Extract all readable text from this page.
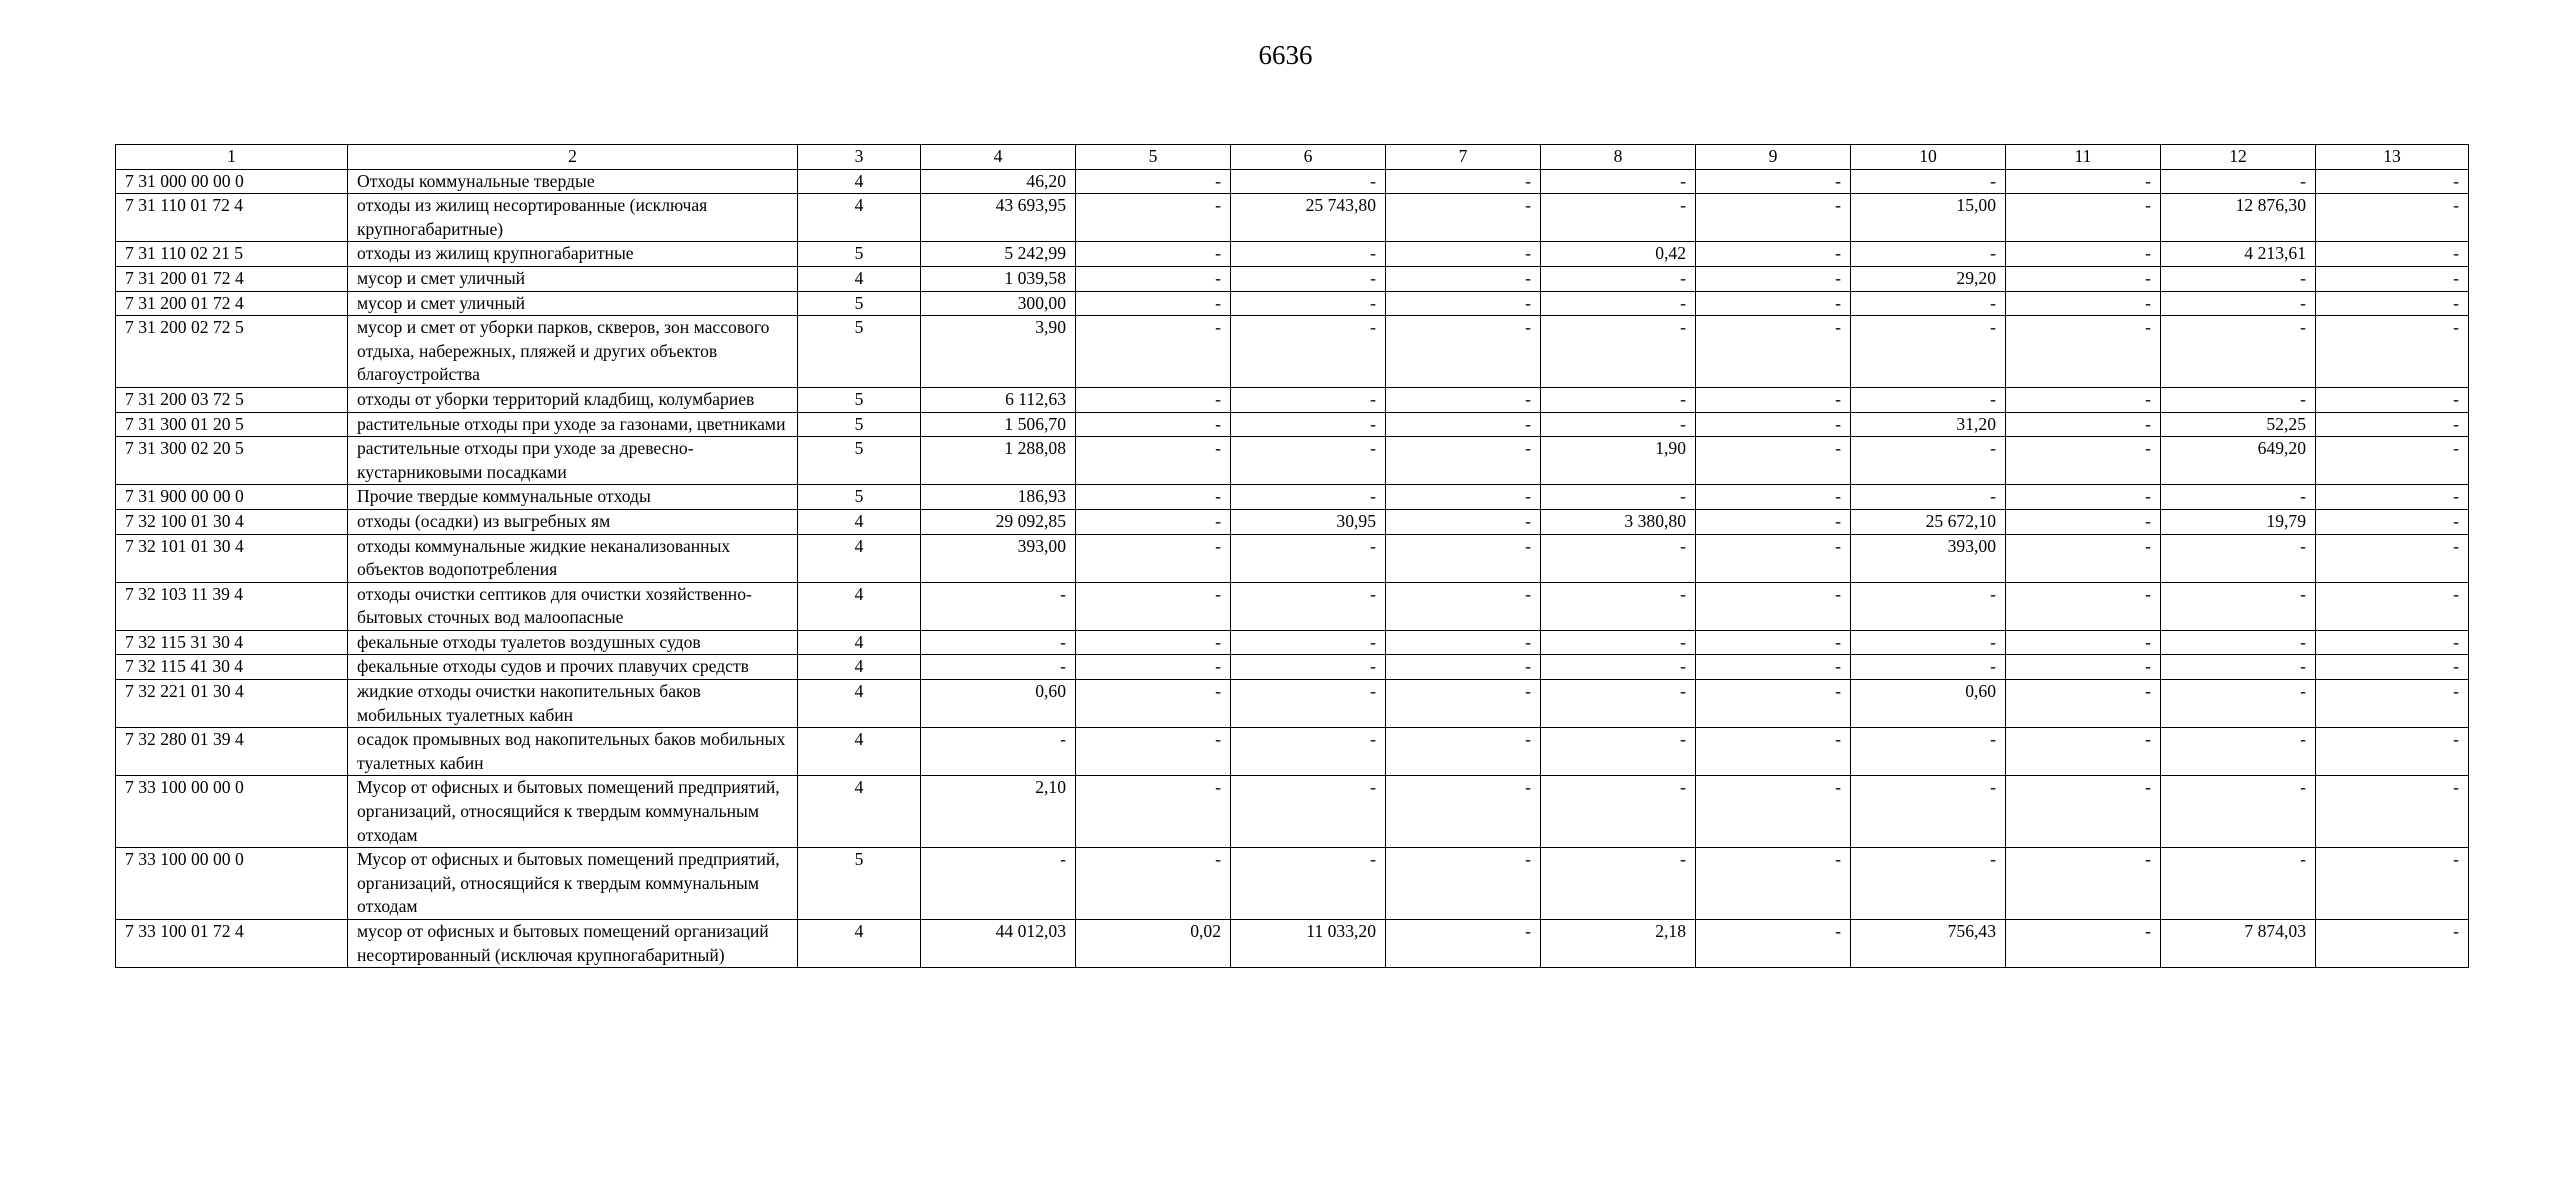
6636
1	2	3	4	5	6	7	8	9	10	11	12	13
7 31 000 00 00 0	Отходы коммунальные твердые	4	46,20	-	-	-	-	-	-	-	-	-
7 31 110 01 72 4	отходы из жилищ несортированные (исключая крупногабаритные)	4	43 693,95	-	25 743,80	-	-	-	15,00	-	12 876,30	-
7 31 110 02 21 5	отходы из жилищ крупногабаритные	5	5 242,99	-	-	-	0,42	-	-	-	4 213,61	-
7 31 200 01 72 4	мусор и смет уличный	4	1 039,58	-	-	-	-	-	29,20	-	-	-
7 31 200 01 72 4	мусор и смет уличный	5	300,00	-	-	-	-	-	-	-	-	-
7 31 200 02 72 5	мусор и смет от уборки парков, скверов, зон массового отдыха, набережных, пляжей и других объектов благоустройства	5	3,90	-	-	-	-	-	-	-	-	-
7 31 200 03 72 5	отходы от уборки территорий кладбищ, колумбариев	5	6 112,63	-	-	-	-	-	-	-	-	-
7 31 300 01 20 5	растительные отходы при уходе за газонами, цветниками	5	1 506,70	-	-	-	-	-	31,20	-	52,25	-
7 31 300 02 20 5	растительные отходы при уходе за древесно-кустарниковыми посадками	5	1 288,08	-	-	-	1,90	-	-	-	649,20	-
7 31 900 00 00 0	Прочие твердые коммунальные отходы	5	186,93	-	-	-	-	-	-	-	-	-
7 32 100 01 30 4	отходы (осадки) из выгребных ям	4	29 092,85	-	30,95	-	3 380,80	-	25 672,10	-	19,79	-
7 32 101 01 30 4	отходы коммунальные жидкие неканализованных объектов водопотребления	4	393,00	-	-	-	-	-	393,00	-	-	-
7 32 103 11 39 4	отходы очистки септиков для очистки хозяйственно-бытовых сточных вод малоопасные	4	-	-	-	-	-	-	-	-	-	-
7 32 115 31 30 4	фекальные отходы туалетов воздушных судов	4	-	-	-	-	-	-	-	-	-	-
7 32 115 41 30 4	фекальные отходы судов и прочих плавучих средств	4	-	-	-	-	-	-	-	-	-	-
7 32 221 01 30 4	жидкие отходы очистки накопительных баков мобильных туалетных кабин	4	0,60	-	-	-	-	-	0,60	-	-	-
7 32 280 01 39 4	осадок промывных вод накопительных баков мобильных туалетных кабин	4	-	-	-	-	-	-	-	-	-	-
7 33 100 00 00 0	Мусор от офисных и бытовых помещений предприятий, организаций, относящийся к твердым коммунальным отходам	4	2,10	-	-	-	-	-	-	-	-	-
7 33 100 00 00 0	Мусор от офисных и бытовых помещений предприятий, организаций, относящийся к твердым коммунальным отходам	5	-	-	-	-	-	-	-	-	-	-
7 33 100 01 72 4	мусор от офисных и бытовых помещений организаций несортированный (исключая крупногабаритный)	4	44 012,03	0,02	11 033,20	-	2,18	-	756,43	-	7 874,03	-
